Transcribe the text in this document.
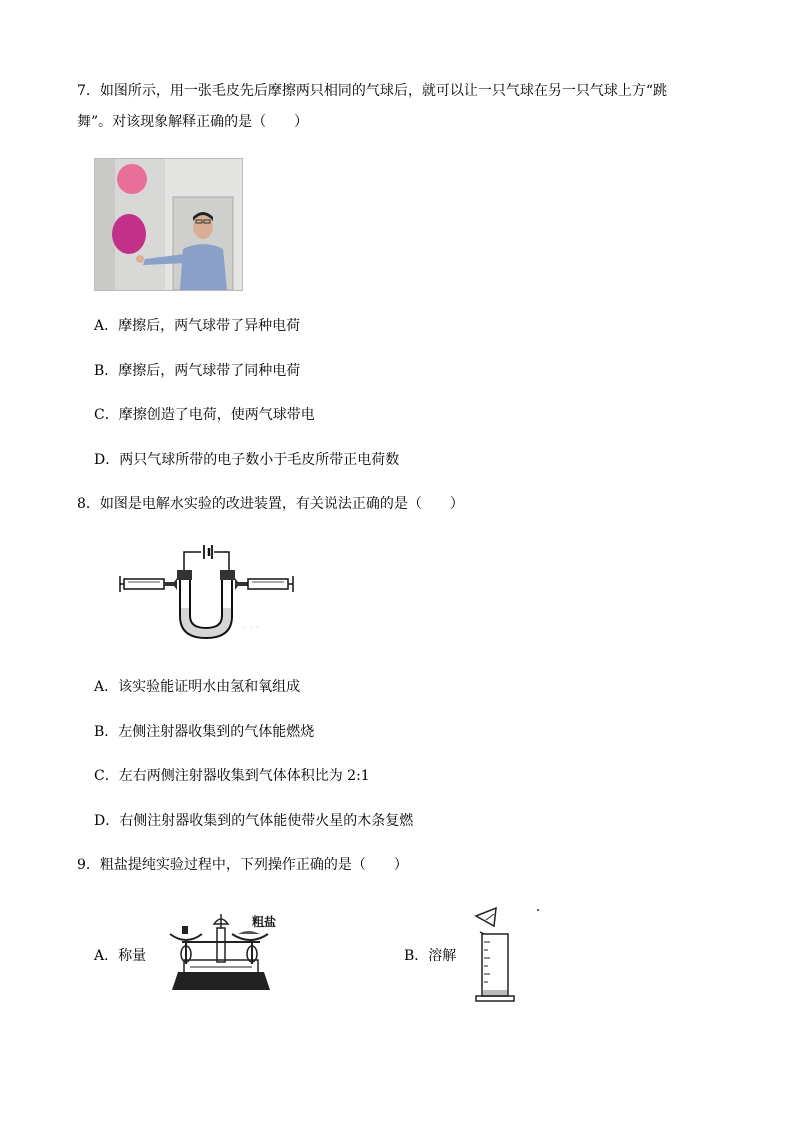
7．如图所示，用一张毛皮先后摩擦两只相同的气球后，就可以让一只气球在另一只气球上方“跳
舞”。对该现象解释正确的是（　　）
A．摩擦后，两气球带了异种电荷
B．摩擦后，两气球带了同种电荷
C．摩擦创造了电荷，使两气球带电
D．两只气球所带的电子数小于毛皮所带正电荷数
8．如图是电解水实验的改进装置，有关说法正确的是（　　）
· · ·
A．该实验能证明水由氢和氧组成
B．左侧注射器收集到的气体能燃烧
C．左右两侧注射器收集到气体体积比为 2:1
D．右侧注射器收集到的气体能使带火星的木条复燃
9．粗盐提纯实验过程中，下列操作正确的是（　　）
A．称量
粗盐
B．溶解
